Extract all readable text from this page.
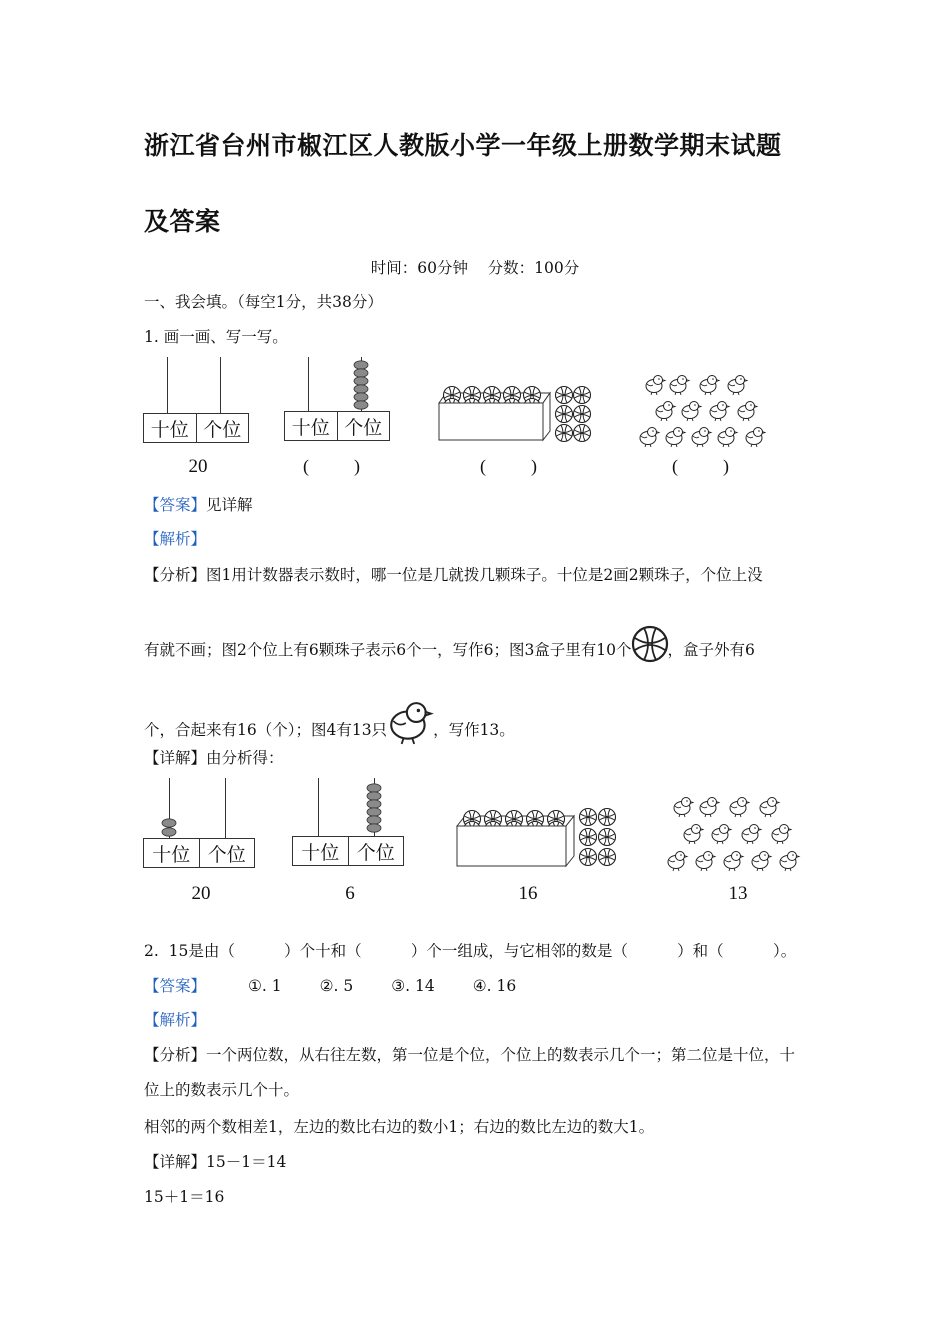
浙江省台州市椒江区人教版小学一年级上册数学期末试题
及答案
时间：60分钟    分数：100分
一、我会填。（每空1分，共38分）
1. 画一画、写一写。
十位 个位
20
十位 个位
(          )	(          )	(          )
【答案】见详解
【解析】
【分析】图1用计数器表示数时，哪一位是几就拨几颗珠子。十位是2画2颗珠子，个位上没
有就不画；图2个位上有6颗珠子表示6个一，写作6；图3盒子里有10个 ，盒子外有6
个，合起来有16（个）；图4有13只	，写作13。
【详解】由分析得：
十位 个位
20
十位 个位
6	16	13
2.  15是由（          ）个十和（          ）个一组成，与它相邻的数是（          ）和（          ）。
【答案】	①. 1 ②. 5 ③. 14 ④. 16
【解析】
【分析】一个两位数，从右往左数，第一位是个位，个位上的数表示几个一；第二位是十位，十
位上的数表示几个十。
相邻的两个数相差1，左边的数比右边的数小1；右边的数比左边的数大1。
【详解】15－1＝14
15＋1＝16
